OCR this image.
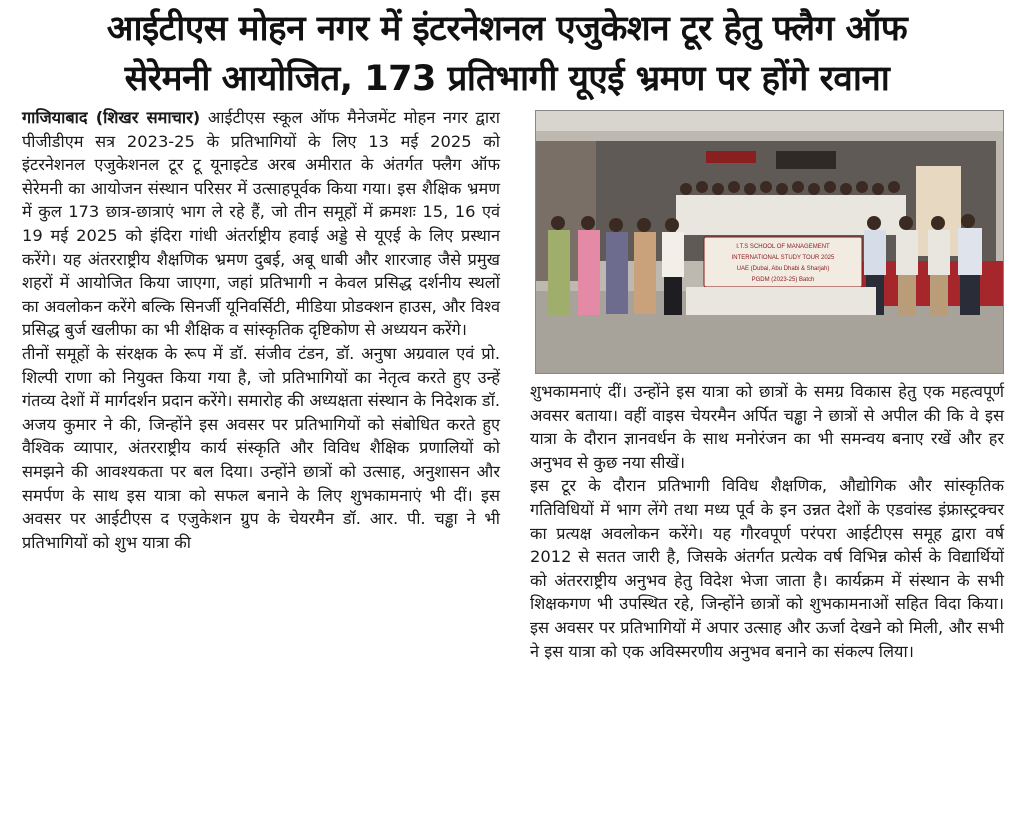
आईटीएस मोहन नगर में इंटरनेशनल एजुकेशन टूर हेतु फ्लैग ऑफ
सेरेमनी आयोजित, 173 प्रतिभागी यूएई भ्रमण पर होंगे रवाना

गाजियाबाद (शिखर समाचार) आईटीएस स्कूल ऑफ मैनेजमेंट मोहन नगर द्वारा पीजीडीएम सत्र 2023-25 के प्रतिभागियों के लिए 13 मई 2025 को इंटरनेशनल एजुकेशनल टूर टू यूनाइटेड अरब अमीरात के अंतर्गत फ्लैग ऑफ सेरेमनी का आयोजन संस्थान परिसर में उत्साहपूर्वक किया गया। इस शैक्षिक भ्रमण में कुल 173 छात्र-छात्राएं भाग ले रहे हैं, जो तीन समूहों में क्रमशः 15, 16 एवं 19 मई 2025 को इंदिरा गांधी अंतर्राष्ट्रीय हवाई अड्डे से यूएई के लिए प्रस्थान करेंगे। यह अंतरराष्ट्रीय शैक्षणिक भ्रमण दुबई, अबू धाबी और शारजाह जैसे प्रमुख शहरों में आयोजित किया जाएगा, जहां प्रतिभागी न केवल प्रसिद्ध दर्शनीय स्थलों का अवलोकन करेंगे बल्कि सिनर्जी यूनिवर्सिटी, मीडिया प्रोडक्शन हाउस, और विश्व प्रसिद्ध बुर्ज खलीफा का भी शैक्षिक व सांस्कृतिक दृष्टिकोण से अध्ययन करेंगे।

तीनों समूहों के संरक्षक के रूप में डॉ. संजीव टंडन, डॉ. अनुषा अग्रवाल एवं प्रो. शिल्पी राणा को नियुक्त किया गया है, जो प्रतिभागियों का नेतृत्व करते हुए उन्हें गंतव्य देशों में मार्गदर्शन प्रदान करेंगे। समारोह की अध्यक्षता संस्थान के निदेशक डॉ. अजय कुमार ने की, जिन्होंने इस अवसर पर प्रतिभागियों को संबोधित करते हुए वैश्विक व्यापार, अंतरराष्ट्रीय कार्य संस्कृति और विविध शैक्षिक प्रणालियों को समझने की आवश्यकता पर बल दिया। उन्होंने छात्रों को उत्साह, अनुशासन और समर्पण के साथ इस यात्रा को सफल बनाने के लिए शुभकामनाएं भी दीं। इस अवसर पर आईटीएस द एजुकेशन ग्रुप के चेयरमैन डॉ. आर. पी. चड्ढा ने भी प्रतिभागियों को शुभ यात्रा की

I.T.S SCHOOL OF MANAGEMENT
INTERNATIONAL STUDY TOUR 2025
UAE (Dubai, Abu Dhabi & Sharjah)
PGDM (2023-25) Batch

शुभकामनाएं दीं। उन्होंने इस यात्रा को छात्रों के समग्र विकास हेतु एक महत्वपूर्ण अवसर बताया। वहीं वाइस चेयरमैन अर्पित चड्ढा ने छात्रों से अपील की कि वे इस यात्रा के दौरान ज्ञानवर्धन के साथ मनोरंजन का भी समन्वय बनाए रखें और हर अनुभव से कुछ नया सीखें।

इस टूर के दौरान प्रतिभागी विविध शैक्षणिक, औद्योगिक और सांस्कृतिक गतिविधियों में भाग लेंगे तथा मध्य पूर्व के इन उन्नत देशों के एडवांस्ड इंफ्रास्ट्रक्चर का प्रत्यक्ष अवलोकन करेंगे। यह गौरवपूर्ण परंपरा आईटीएस समूह द्वारा वर्ष 2012 से सतत जारी है, जिसके अंतर्गत प्रत्येक वर्ष विभिन्न कोर्स के विद्यार्थियों को अंतरराष्ट्रीय अनुभव हेतु विदेश भेजा जाता है। कार्यक्रम में संस्थान के सभी शिक्षकगण भी उपस्थित रहे, जिन्होंने छात्रों को शुभकामनाओं सहित विदा किया। इस अवसर पर प्रतिभागियों में अपार उत्साह और ऊर्जा देखने को मिली, और सभी ने इस यात्रा को एक अविस्मरणीय अनुभव बनाने का संकल्प लिया।
